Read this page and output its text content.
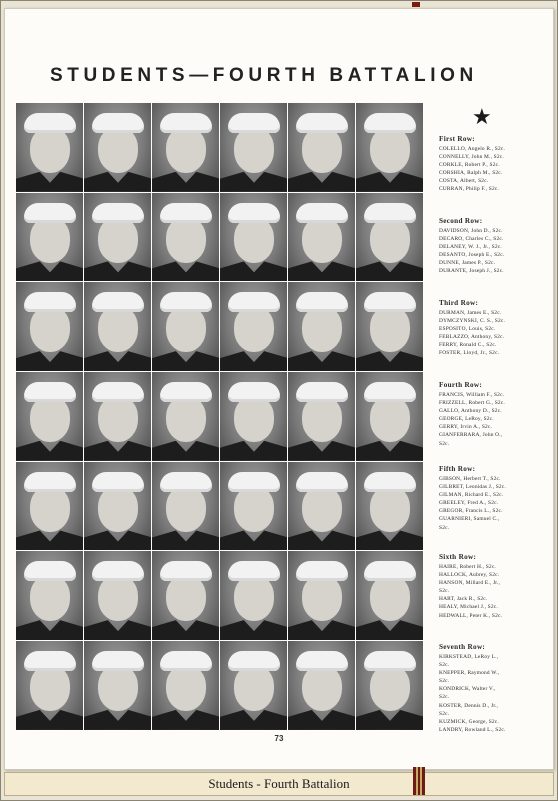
STUDENTS—FOURTH BATTALION
★
First Row:
COLELLO, Angelo R., S2c.
CONNELLY, John M., S2c.
CORKLE, Robert P., S2c.
CORSHIA, Ralph M., S2c.
COSTA, Albert, S2c.
CURRAN, Philip F., S2c.
Second Row:
DAVIDSON, John D., S2c.
DECARO, Charles C., S2c.
DELANEY, W. J., Jr., S2c.
DESANTO, Joseph E., S2c.
DUNNE, James P., S2c.
DURANTE, Joseph J., S2c.
Third Row:
DURMAN, James E., S2c.
DYMCZYNSKI, C. S., S2c.
ESPOSITO, Louis, S2c.
FEBLAZZO, Anthony, S2c.
FERRY, Ronald C., S2c.
FOSTER, Lloyd, Jr., S2c.
Fourth Row:
FRANCIS, William F., S2c.
FRIZZELL, Robert G., S2c.
GALLO, Anthony D., S2c.
GEORGE, LeRoy, S2c.
GERRY, Irvin A., S2c.
GIANFERRARA, John O.,
S2c.
Fifth Row:
GIBSON, Herbert T., S2c.
GILBRET, Leonidas J., S2c.
GILMAN, Richard E., S2c.
GREELEY, Fred A., S2c.
GREGOR, Francis L., S2c.
GUARNIERI, Samuel C.,
S2c.
Sixth Row:
HAIRE, Robert H., S2c.
HALLOCK, Aubrey, S2c.
HANSON, Millard E., Jr.,
S2c.
HART, Jack R., S2c.
HEALY, Michael J., S2c.
HEDWALL, Peter K., S2c.
Seventh Row:
KIRKSTEAD, LeRoy L.,
S2c.
KNEPPER, Raymond W.,
S2c.
KONDRICK, Walter V.,
S2c.
KOSTER, Dennis D., Jr.,
S2c.
KUZMICK, George, S2c.
LANDRY, Rowland L., S2c.
73
Students - Fourth Battalion
